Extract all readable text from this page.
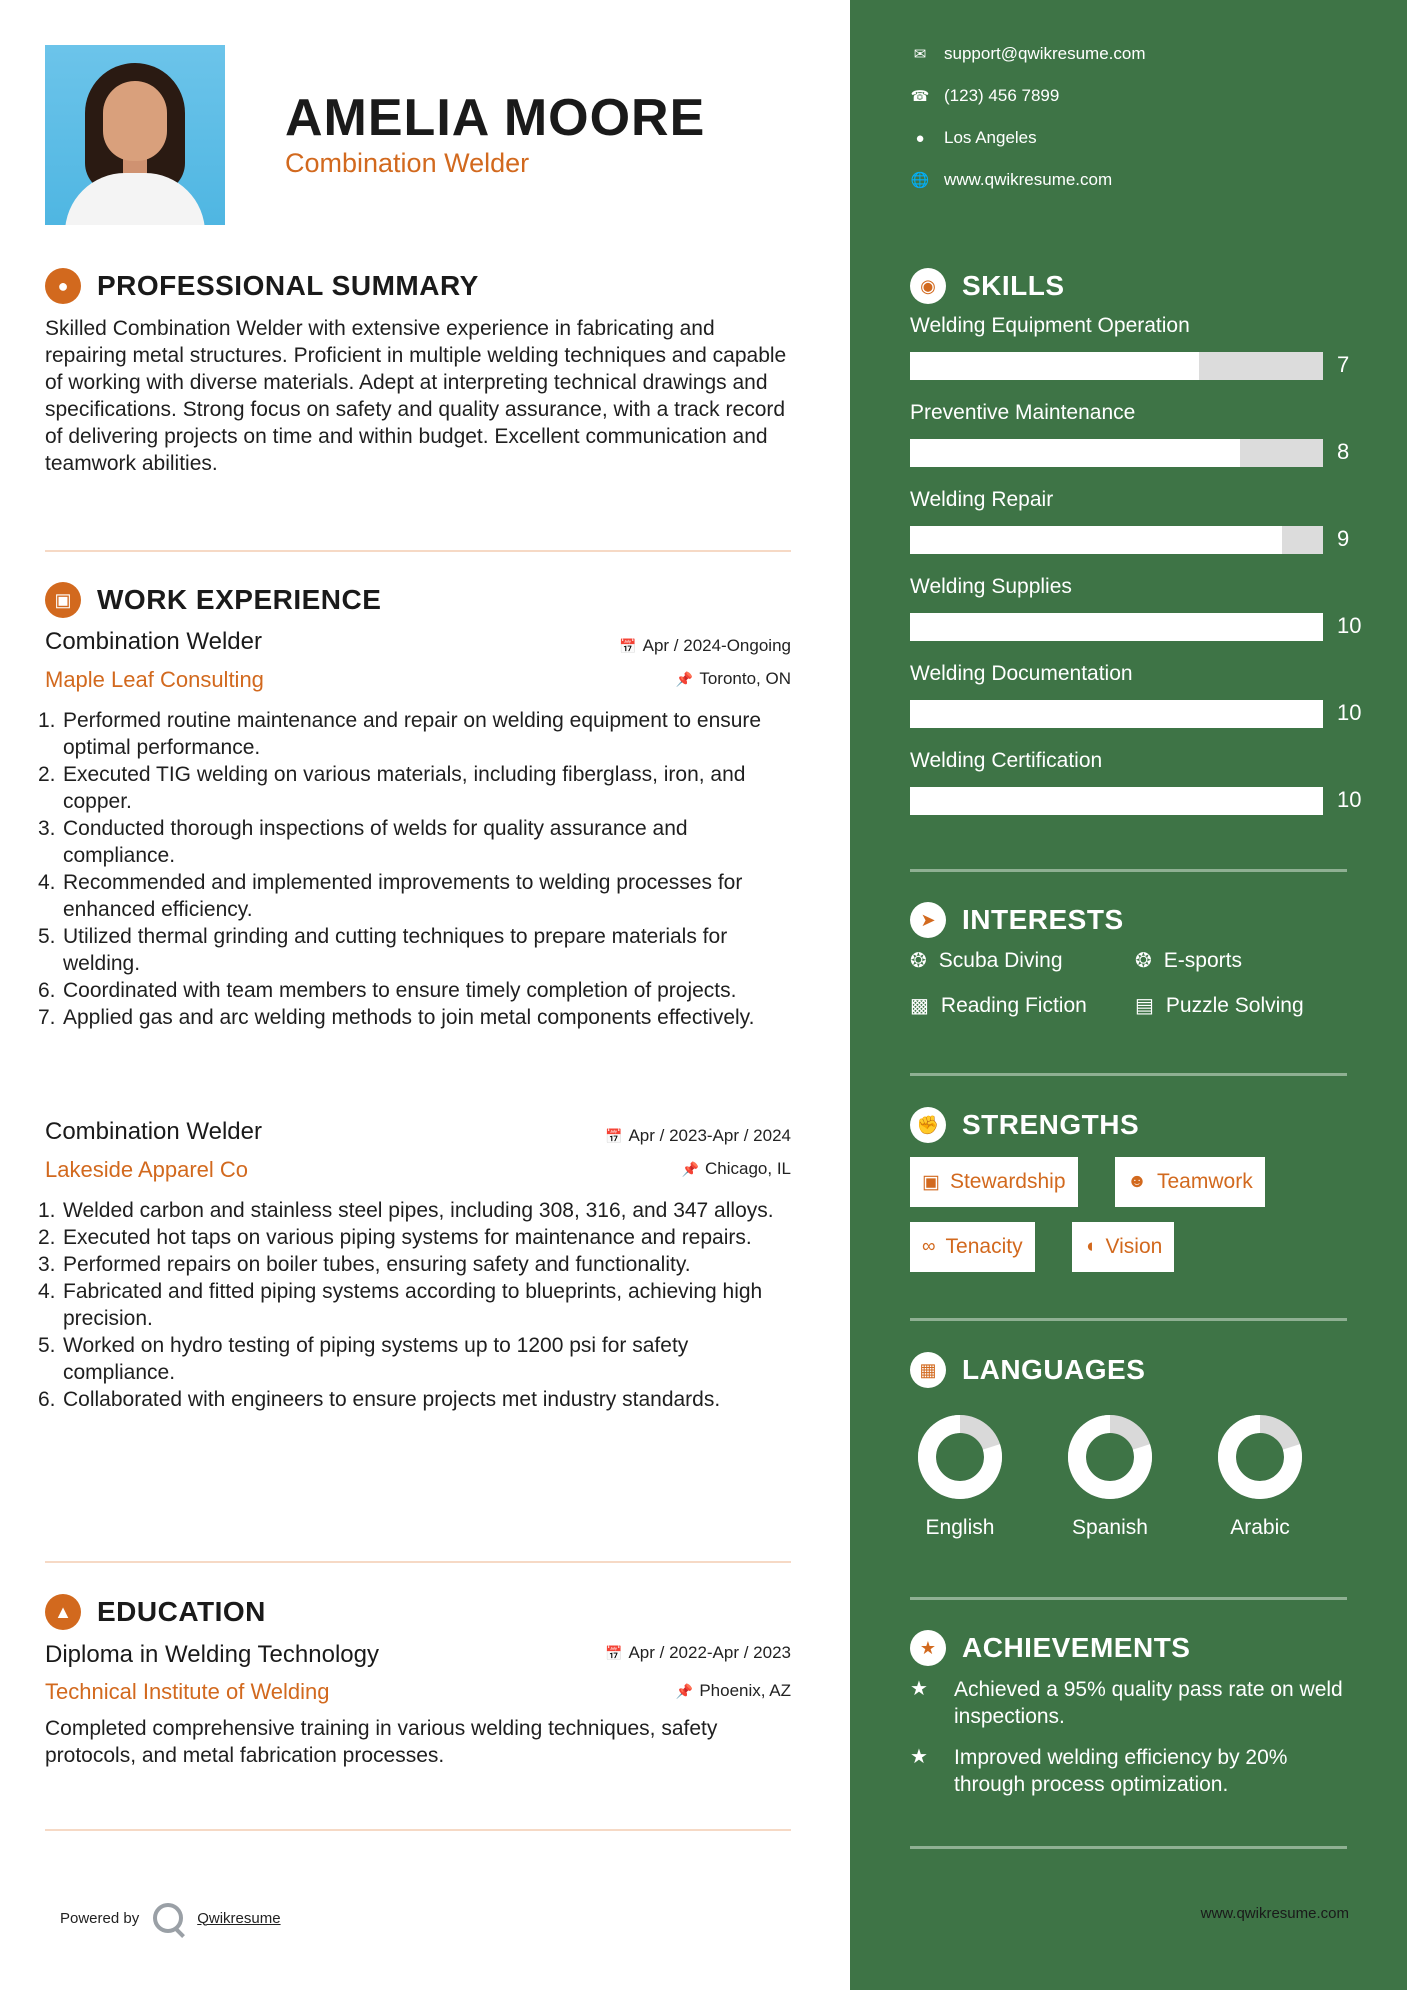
AMELIA MOORE
Combination Welder
●	PROFESSIONAL SUMMARY
Skilled Combination Welder with extensive experience in fabricating and repairing metal structures. Proficient in multiple welding techniques and capable of working with diverse materials. Adept at interpreting technical drawings and specifications. Strong focus on safety and quality assurance, with a track record of delivering projects on time and within budget. Excellent communication and teamwork abilities.
▣ WORK EXPERIENCE
Combination Welder	📅 Apr / 2024-Ongoing
Maple Leaf Consulting	📌 Toronto, ON
1. Performed routine maintenance and repair on welding equipment to ensure optimal performance.
2. Executed TIG welding on various materials, including fiberglass, iron, and copper.
3. Conducted thorough inspections of welds for quality assurance and compliance.
4. Recommended and implemented improvements to welding processes for enhanced efficiency.
5. Utilized thermal grinding and cutting techniques to prepare materials for welding.
6. Coordinated with team members to ensure timely completion of projects.
7. Applied gas and arc welding methods to join metal components effectively.
Combination Welder	📅 Apr / 2023-Apr / 2024
Lakeside Apparel Co	📌 Chicago, IL
1. Welded carbon and stainless steel pipes, including 308, 316, and 347 alloys.
2. Executed hot taps on various piping systems for maintenance and repairs.
3. Performed repairs on boiler tubes, ensuring safety and functionality.
4. Fabricated and fitted piping systems according to blueprints, achieving high precision.
5. Worked on hydro testing of piping systems up to 1200 psi for safety compliance.
6. Collaborated with engineers to ensure projects met industry standards.
▲ EDUCATION
Diploma in Welding Technology	📅 Apr / 2022-Apr / 2023
Technical Institute of Welding	📌 Phoenix, AZ
Completed comprehensive training in various welding techniques, safety protocols, and metal fabrication processes.
Powered by	Qwikresume
✉ support@qwikresume.com
☎ (123) 456 7899
●	Los Angeles
🌐 www.qwikresume.com
◉ SKILLS
Welding Equipment Operation
7
Preventive Maintenance
8
Welding Repair
9
Welding Supplies
10
Welding Documentation
10
Welding Certification
10
➤ INTERESTS
❂ Scuba Diving	❂ E-sports
▩ Reading Fiction ▤ Puzzle Solving
✊ STRENGTHS
▣ Stewardship	☻ Teamwork
∞ Tenacity	◖ Vision
▦ LANGUAGES
English	Spanish	Arabic
★ ACHIEVEMENTS
★	Achieved a 95% quality pass rate on weld inspections.
★	Improved welding efficiency by 20% through process optimization.
www.qwikresume.com
